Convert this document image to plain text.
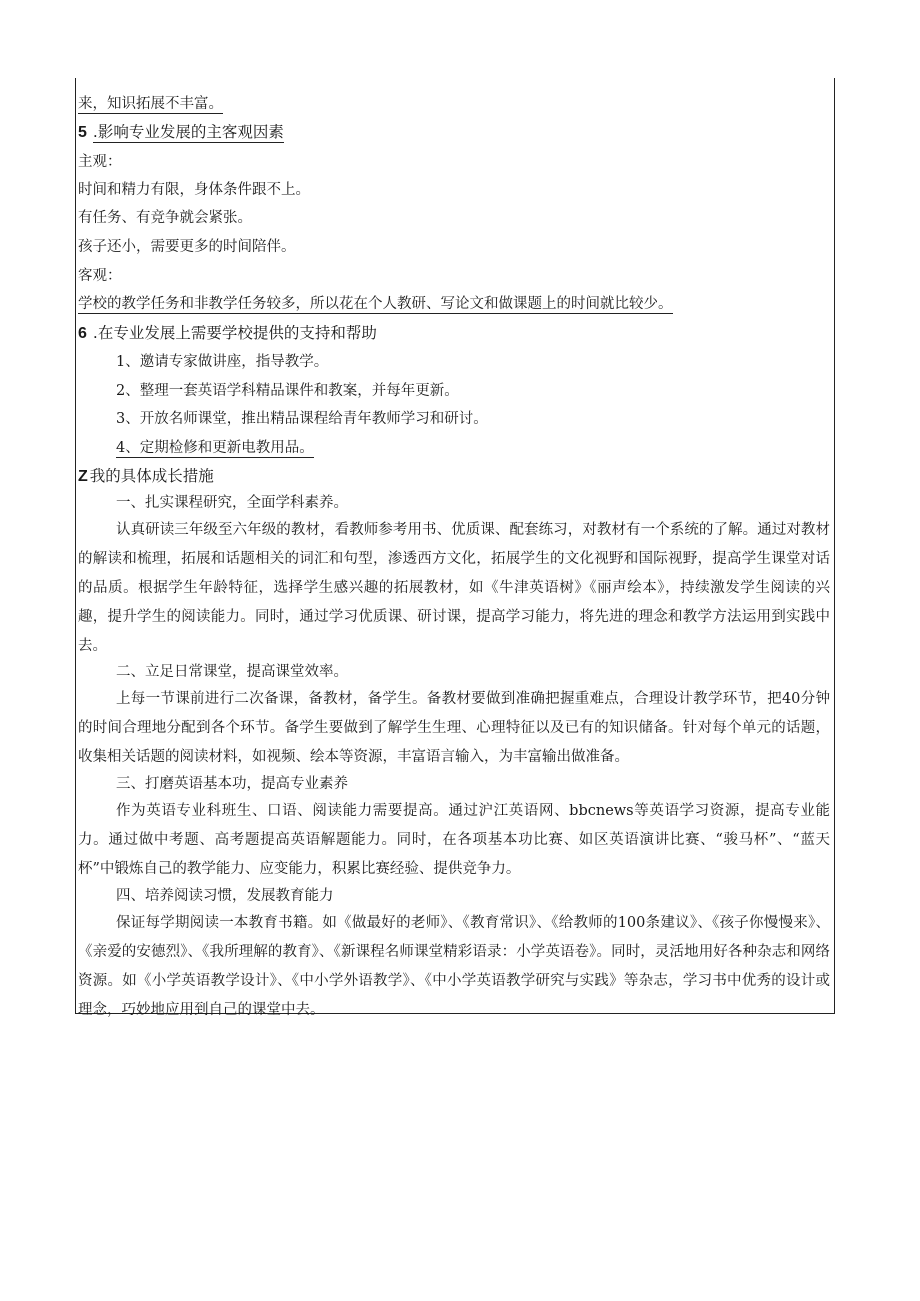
来，知识拓展不丰富。
5 .影响专业发展的主客观因素
主观：
时间和精力有限，身体条件跟不上。
有任务、有竞争就会紧张。
孩子还小，需要更多的时间陪伴。
客观：
学校的教学任务和非教学任务较多，所以花在个人教研、写论文和做课题上的时间就比较少。
6 .在专业发展上需要学校提供的支持和帮助
1、邀请专家做讲座，指导教学。
2、整理一套英语学科精品课件和教案，并每年更新。
3、开放名师课堂，推出精品课程给青年教师学习和研讨。
4、定期检修和更新电教用品。
Z 我的具体成长措施
一、扎实课程研究，全面学科素养。

认真研读三年级至六年级的教材，看教师参考用书、优质课、配套练习，对教材有一个系统的了解。通过对教材的解读和梳理，拓展和话题相关的词汇和句型，渗透西方文化，拓展学生的文化视野和国际视野，提高学生课堂对话的品质。根据学生年龄特征，选择学生感兴趣的拓展教材，如《牛津英语树》《丽声绘本》，持续激发学生阅读的兴趣，提升学生的阅读能力。同时，通过学习优质课、研讨课，提高学习能力，将先进的理念和教学方法运用到实践中去。

二、立足日常课堂，提高课堂效率。

上每一节课前进行二次备课，备教材，备学生。备教材要做到准确把握重难点，合理设计教学环节，把40分钟的时间合理地分配到各个环节。备学生要做到了解学生生理、心理特征以及已有的知识储备。针对每个单元的话题，收集相关话题的阅读材料，如视频、绘本等资源，丰富语言输入，为丰富输出做准备。

三、打磨英语基本功，提高专业素养

作为英语专业科班生、口语、阅读能力需要提高。通过沪江英语网、bbcnews等英语学习资源，提高专业能力。通过做中考题、高考题提高英语解题能力。同时，在各项基本功比赛、如区英语演讲比赛、“骏马杯”、“蓝天杯”中锻炼自己的教学能力、应变能力，积累比赛经验、提供竞争力。

四、培养阅读习惯，发展教育能力

保证每学期阅读一本教育书籍。如《做最好的老师》、《教育常识》、《给教师的100条建议》、《孩子你慢慢来》、《亲爱的安德烈》、《我所理解的教育》、《新课程名师课堂精彩语录：小学英语卷》。同时，灵活地用好各种杂志和网络资源。如《小学英语教学设计》、《中小学外语教学》、《中小学英语教学研究与实践》等杂志，学习书中优秀的设计或理念，巧妙地应用到自己的课堂中去。
